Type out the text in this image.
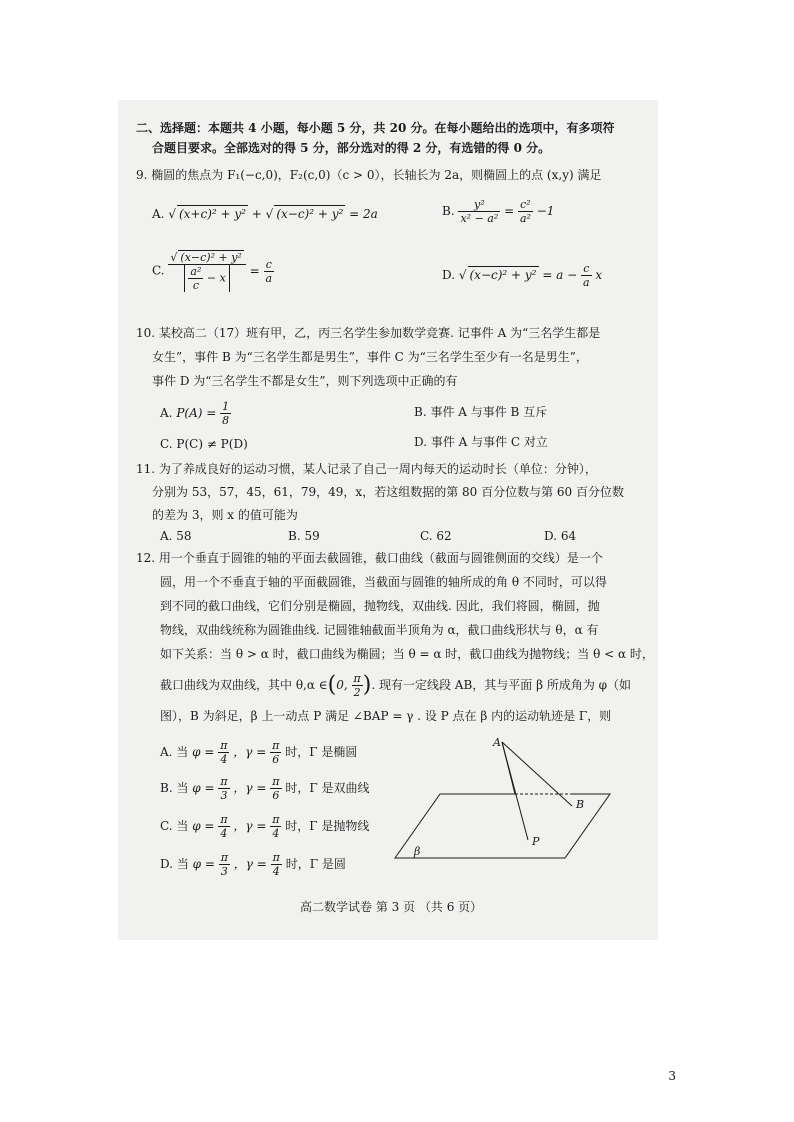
二、选择题：本题共 4 小题，每小题 5 分，共 20 分。在每小题给出的选项中，有多项符
合题目要求。全部选对的得 5 分，部分选对的得 2 分，有选错的得 0 分。
9. 椭圆的焦点为 F₁(−c,0)，F₂(c,0)（c > 0），长轴长为 2a，则椭圆上的点 (x,y) 满足
A. √ (x+c)² + y² + √ (x−c)² + y² = 2a	B. $\frac{\text{y²}}{\text{x² − a²}} = \frac{\text{c²}}{\text{a²}} -1$
C. $\frac{\text{√ (x−c)² + y²}}{\frac{\text{a²}}{c} - x} = \frac{c}{a}$	D. √ $(x-c)^2 + y^2 = a - \frac{c}{a}$ x
10. 某校高二（17）班有甲，乙，丙三名学生参加数学竞赛. 记事件 A 为“三名学生都是
女生”，事件 B 为“三名学生都是男生”，事件 C 为“三名学生至少有一名是男生”，
事件 D 为“三名学生不都是女生”，则下列选项中正确的有
A. $P(A) = \frac{1}{8}$	B. 事件 A 与事件 B 互斥
C. P(C) ≠ P(D)	D. 事件 A 与事件 C 对立
11. 为了养成良好的运动习惯，某人记录了自己一周内每天的运动时长（单位：分钟），
分别为 53，57，45，61，79，49，x，若这组数据的第 80 百分位数与第 60 百分位数
的差为 3，则 x 的值可能为
A. 58	B. 59	C. 62	D. 64
12. 用一个垂直于圆锥的轴的平面去截圆锥，截口曲线（截面与圆锥侧面的交线）是一个
圆，用一个不垂直于轴的平面截圆锥，当截面与圆锥的轴所成的角 θ 不同时，可以得
到不同的截口曲线，它们分别是椭圆，抛物线，双曲线. 因此，我们将圆，椭圆，抛
物线，双曲线统称为圆锥曲线. 记圆锥轴截面半顶角为 α，截口曲线形状与 θ，α 有
如下关系：当 θ > α 时，截口曲线为椭圆；当 θ = α 时，截口曲线为抛物线；当 θ < α 时，
截口曲线为双曲线，其中 θ,α ∈(0, $\frac{\pi}{2}$ ). 现有一定线段 AB，其与平面 β 所成角为 φ（如
图），B 为斜足，β 上一动点 P 满足 ∠BAP = γ . 设 P 点在 β 内的运动轨迹是 Γ，则
A. 当 $\varphi = \frac{\pi}{4}$ ，$\gamma = \frac{\pi}{6}$ 时，Γ 是椭圆
B. 当 $\varphi = \frac{\pi}{3}$ ，$\gamma = \frac{\pi}{6}$ 时，Γ 是双曲线
C. 当 $\varphi = \frac{\pi}{4}$ ，$\gamma = \frac{\pi}{4}$ 时，Γ 是抛物线
D. 当 $\varphi = \frac{\pi}{3}$ ，$\gamma = \frac{\pi}{4}$ 时，Γ 是圆
A
B
P
β
高二数学试卷 第 3 页 （共 6 页）
3
